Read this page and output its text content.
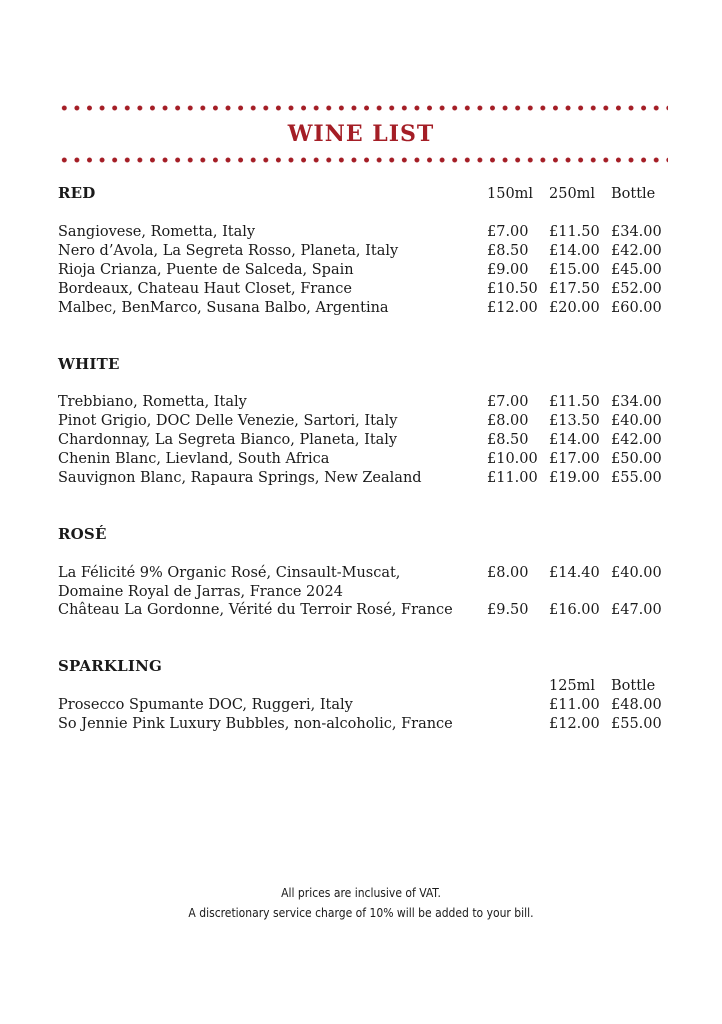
WINE LIST
RED	150ml 250ml Bottle
Sangiovese, Rometta, Italy	£7.00 £11.50 £34.00
Nero d’Avola, La Segreta Rosso, Planeta, Italy	£8.50 £14.00 £42.00
Rioja Crianza, Puente de Salceda, Spain	£9.00 £15.00 £45.00
Bordeaux, Chateau Haut Closet, France	£10.50 £17.50 £52.00
Malbec, BenMarco, Susana Balbo, Argentina	£12.00 £20.00 £60.00
WHITE
Trebbiano, Rometta, Italy	£7.00 £11.50 £34.00
Pinot Grigio, DOC Delle Venezie, Sartori, Italy	£8.00 £13.50 £40.00
Chardonnay, La Segreta Bianco, Planeta, Italy	£8.50 £14.00 £42.00
Chenin Blanc, Lievland, South Africa	£10.00 £17.00 £50.00
Sauvignon Blanc, Rapaura Springs, New Zealand	£11.00 £19.00 £55.00
ROSÉ
La Félicité 9% Organic Rosé, Cinsault-Muscat, Domaine Royal de Jarras, France 2024
£8.00 £14.40 £40.00
Château La Gordonne, Vérité du Terroir Rosé, France	£9.50 £16.00 £47.00
SPARKLING
125ml Bottle
Prosecco Spumante DOC, Ruggeri, Italy	£11.00 £48.00
So Jennie Pink Luxury Bubbles, non-alcoholic, France	£12.00 £55.00
All prices are inclusive of VAT.
A discretionary service charge of 10% will be added to your bill.
